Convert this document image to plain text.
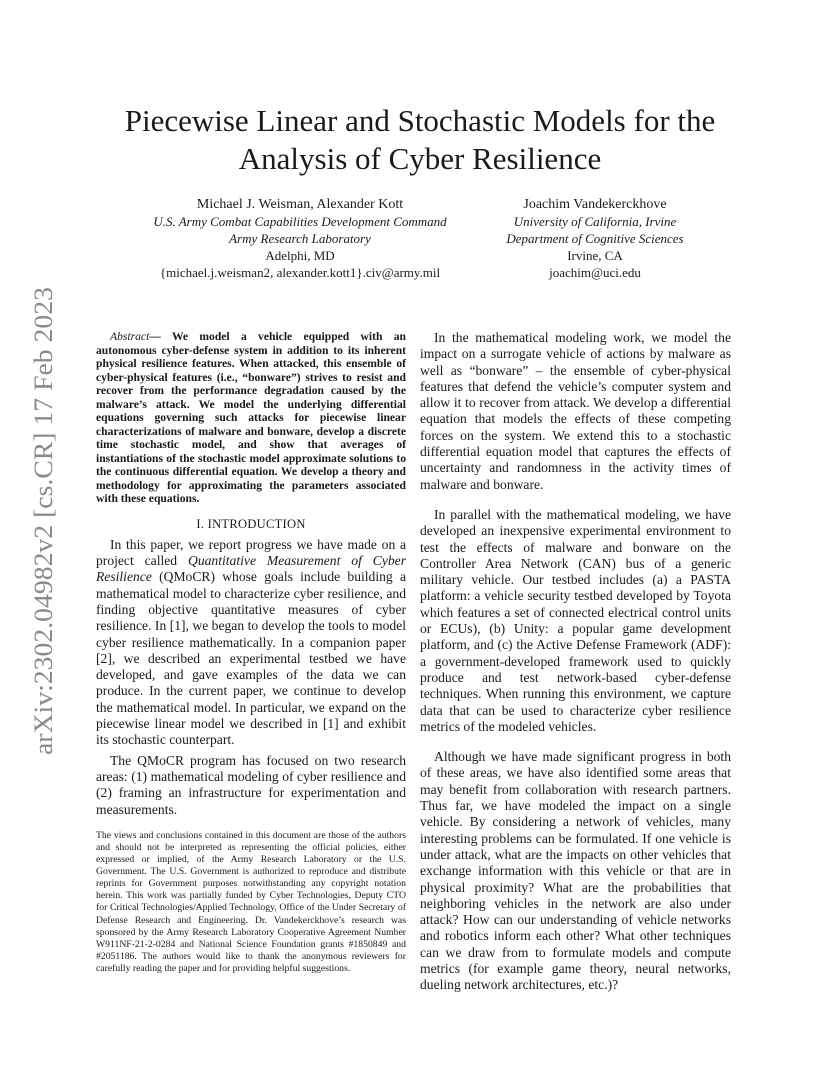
arXiv:2302.04982v2 [cs.CR] 17 Feb 2023
Piecewise Linear and Stochastic Models for the
Analysis of Cyber Resilience
Michael J. Weisman, Alexander Kott
U.S. Army Combat Capabilities Development Command
Army Research Laboratory
Adelphi, MD
{michael.j.weisman2, alexander.kott1}.civ@army.mil
Joachim Vandekerckhove
University of California, Irvine
Department of Cognitive Sciences
Irvine, CA
joachim@uci.edu

Abstract— We model a vehicle equipped with an autonomous cyber-defense system in addition to its inherent physical resilience features. When attacked, this ensemble of cyber-physical features (i.e., “bonware”) strives to resist and recover from the performance degradation caused by the malware’s attack. We model the underlying differential equations governing such attacks for piecewise linear characterizations of malware and bonware, develop a discrete time stochastic model, and show that averages of instantiations of the stochastic model approximate solutions to the continuous differential equation. We develop a theory and methodology for approximating the parameters associated with these equations.

I. INTRODUCTION

In this paper, we report progress we have made on a project called Quantitative Measurement of Cyber Resilience (QMoCR) whose goals include building a mathematical model to characterize cyber resilience, and finding objective quantitative measures of cyber resilience. In [1], we began to develop the tools to model cyber resilience mathematically. In a companion paper [2], we described an experimental testbed we have developed, and gave examples of the data we can produce. In the current paper, we continue to develop the mathematical model. In particular, we expand on the piecewise linear model we described in [1] and exhibit its stochastic counterpart.

The QMoCR program has focused on two research areas: (1) mathematical modeling of cyber resilience and (2) framing an infrastructure for experimentation and measurements.

The views and conclusions contained in this document are those of the authors and should not be interpreted as representing the official policies, either expressed or implied, of the Army Research Laboratory or the U.S. Government. The U.S. Government is authorized to reproduce and distribute reprints for Government purposes notwithstanding any copyright notation herein. This work was partially funded by Cyber Technologies, Deputy CTO for Critical Technologies/Applied Technology, Office of the Under Secretary of Defense Research and Engineering. Dr. Vandekerckhove’s research was sponsored by the Army Research Laboratory Cooperative Agreement Number W911NF-21-2-0284 and National Science Foundation grants #1850849 and #2051186. The authors would like to thank the anonymous reviewers for carefully reading the paper and for providing helpful suggestions.

In the mathematical modeling work, we model the impact on a surrogate vehicle of actions by malware as well as “bonware” – the ensemble of cyber-physical features that defend the vehicle’s computer system and allow it to recover from attack. We develop a differential equation that models the effects of these competing forces on the system. We extend this to a stochastic differential equation model that captures the effects of uncertainty and randomness in the activity times of malware and bonware.

In parallel with the mathematical modeling, we have developed an inexpensive experimental environment to test the effects of malware and bonware on the Controller Area Network (CAN) bus of a generic military vehicle. Our testbed includes (a) a PASTA platform: a vehicle security testbed developed by Toyota which features a set of connected electrical control units or ECUs), (b) Unity: a popular game development platform, and (c) the Active Defense Framework (ADF): a government-developed framework used to quickly produce and test network-based cyber-defense techniques. When running this environment, we capture data that can be used to characterize cyber resilience metrics of the modeled vehicles.

Although we have made significant progress in both of these areas, we have also identified some areas that may benefit from collaboration with research partners. Thus far, we have modeled the impact on a single vehicle. By considering a network of vehicles, many interesting problems can be formulated. If one vehicle is under attack, what are the impacts on other vehicles that exchange information with this vehicle or that are in physical proximity? What are the probabilities that neighboring vehicles in the network are also under attack? How can our understanding of vehicle networks and robotics inform each other? What other techniques can we draw from to formulate models and compute metrics (for example game theory, neural networks, dueling network architectures, etc.)?
